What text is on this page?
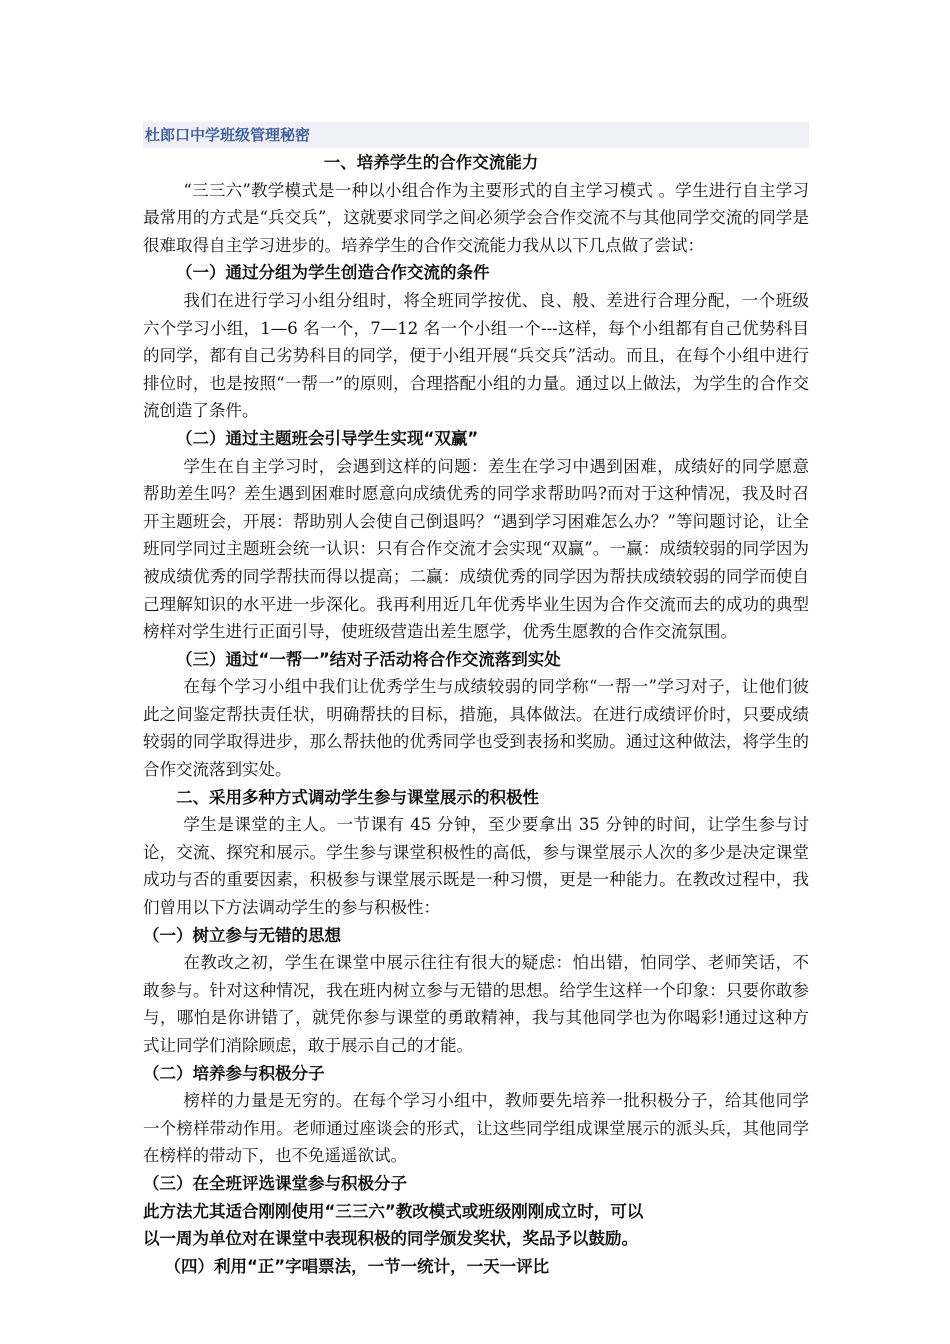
杜郎口中学班级管理秘密
一、培养学生的合作交流能力

“三三六”教学模式是一种以小组合作为主要形式的自主学习模式 。学生进行自主学习最常用的方式是“兵交兵”，这就要求同学之间必须学会合作交流不与其他同学交流的同学是很难取得自主学习进步的。培养学生的合作交流能力我从以下几点做了尝试：

（一）通过分组为学生创造合作交流的条件

我们在进行学习小组分组时，将全班同学按优、良、般、差进行合理分配，一个班级六个学习小组，1—6 名一个，7—12 名一个小组一个---这样，每个小组都有自己优势科目的同学，都有自己劣势科目的同学，便于小组开展“兵交兵”活动。而且，在每个小组中进行排位时，也是按照“一帮一”的原则，合理搭配小组的力量。通过以上做法，为学生的合作交流创造了条件。

（二）通过主题班会引导学生实现“双赢”

学生在自主学习时，会遇到这样的问题：差生在学习中遇到困难，成绩好的同学愿意帮助差生吗？差生遇到困难时愿意向成绩优秀的同学求帮助吗?而对于这种情况，我及时召开主题班会，开展：帮助别人会使自己倒退吗？“遇到学习困难怎么办？”等问题讨论，让全班同学同过主题班会统一认识：只有合作交流才会实现“双赢”。一赢：成绩较弱的同学因为被成绩优秀的同学帮扶而得以提高；二赢：成绩优秀的同学因为帮扶成绩较弱的同学而使自己理解知识的水平进一步深化。我再利用近几年优秀毕业生因为合作交流而去的成功的典型榜样对学生进行正面引导，使班级营造出差生愿学，优秀生愿教的合作交流氛围。

（三）通过“一帮一”结对子活动将合作交流落到实处

在每个学习小组中我们让优秀学生与成绩较弱的同学称“一帮一”学习对子，让他们彼此之间鉴定帮扶责任状，明确帮扶的目标，措施，具体做法。在进行成绩评价时，只要成绩较弱的同学取得进步，那么帮扶他的优秀同学也受到表扬和奖励。通过这种做法，将学生的合作交流落到实处。

二、采用多种方式调动学生参与课堂展示的积极性

学生是课堂的主人。一节课有 45 分钟，至少要拿出 35 分钟的时间，让学生参与讨论，交流、探究和展示。学生参与课堂积极性的高低，参与课堂展示人次的多少是决定课堂成功与否的重要因素，积极参与课堂展示既是一种习惯，更是一种能力。在教改过程中，我们曾用以下方法调动学生的参与积极性：

（一）树立参与无错的思想

在教改之初，学生在课堂中展示往往有很大的疑虑：怕出错，怕同学、老师笑话，不敢参与。针对这种情况，我在班内树立参与无错的思想。给学生这样一个印象：只要你敢参与，哪怕是你讲错了，就凭你参与课堂的勇敢精神，我与其他同学也为你喝彩!通过这种方式让同学们消除顾虑，敢于展示自己的才能。

（二）培养参与积极分子

榜样的力量是无穷的。在每个学习小组中，教师要先培养一批积极分子，给其他同学一个榜样带动作用。老师通过座谈会的形式，让这些同学组成课堂展示的派头兵，其他同学在榜样的带动下，也不免遥遥欲试。

（三）在全班评选课堂参与积极分子
此方法尤其适合刚刚使用“三三六”教改模式或班级刚刚成立时，可以
以一周为单位对在课堂中表现积极的同学颁发奖状，奖品予以鼓励。
（四）利用“正”字唱票法，一节一统计，一天一评比
